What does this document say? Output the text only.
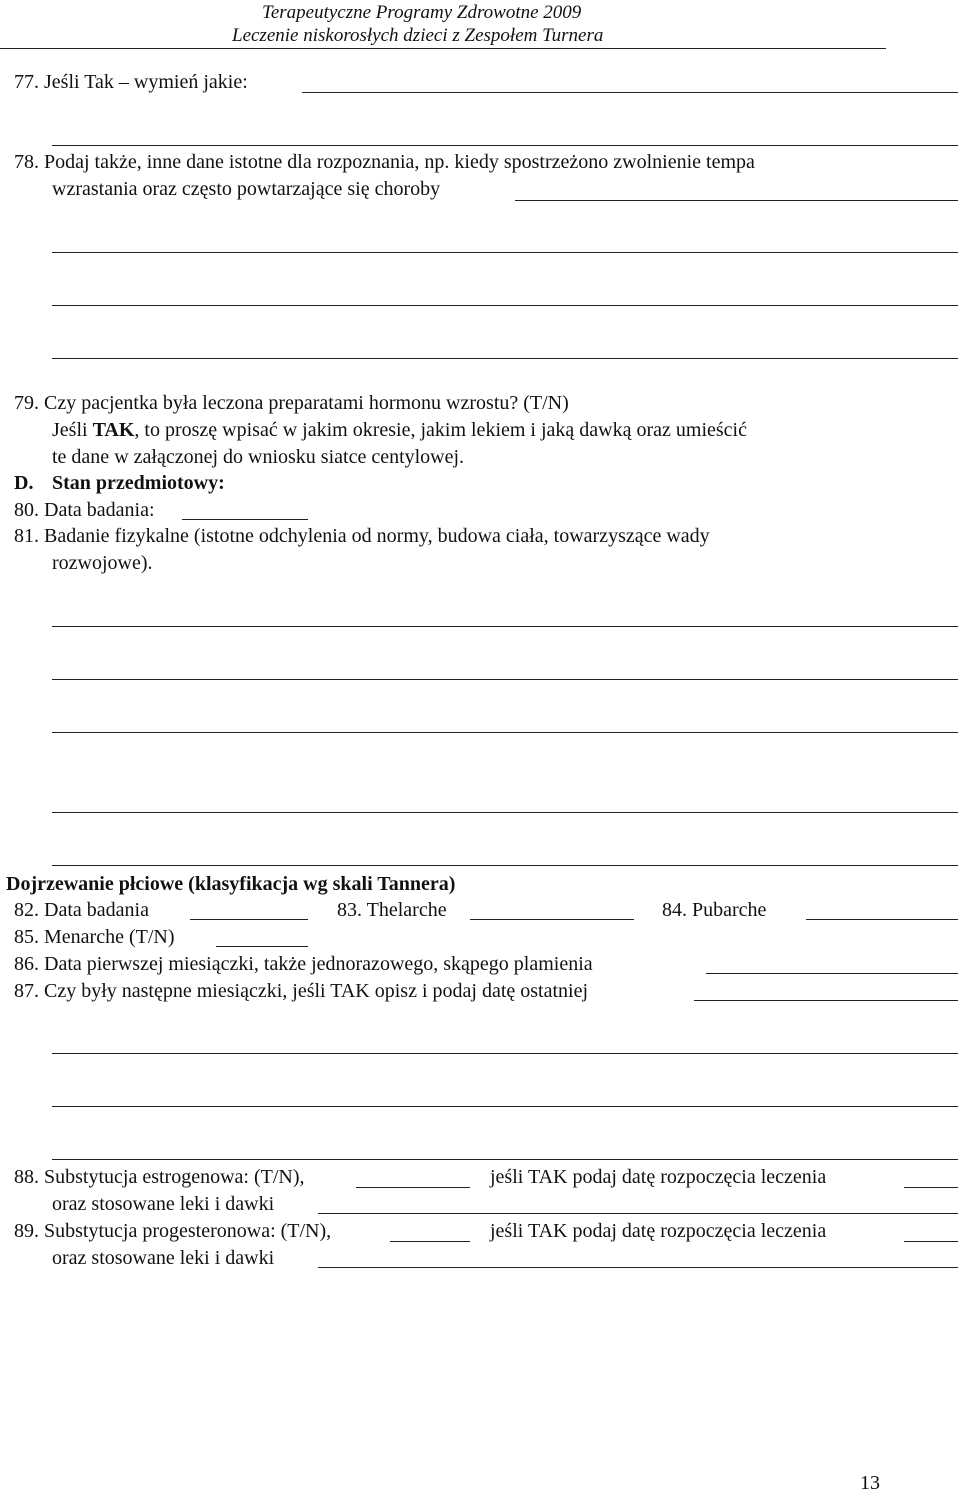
Terapeutyczne Programy Zdrowotne 2009
Leczenie niskorosłych dzieci z Zespołem Turnera
77. Jeśli Tak – wymień jakie:
78. Podaj także, inne dane istotne dla rozpoznania, np. kiedy spostrzeżono zwolnienie tempa
wzrastania oraz często powtarzające się choroby
79. Czy pacjentka była leczona preparatami hormonu wzrostu? (T/N)
Jeśli TAK, to proszę wpisać w jakim okresie, jakim lekiem i jaką dawką oraz umieścić
te dane w załączonej do wniosku siatce centylowej.
D. Stan przedmiotowy:
80. Data badania:
81. Badanie fizykalne (istotne odchylenia od normy, budowa ciała, towarzyszące wady
rozwojowe).
Dojrzewanie płciowe (klasyfikacja wg skali Tannera)
82. Data badania	83. Thelarche	84. Pubarche
85. Menarche (T/N)
86. Data pierwszej miesiączki, także jednorazowego, skąpego plamienia
87. Czy były następne miesiączki, jeśli TAK opisz i podaj datę ostatniej
88. Substytucja estrogenowa: (T/N),	jeśli TAK podaj datę rozpoczęcia leczenia
oraz stosowane leki i dawki
89. Substytucja progesteronowa: (T/N),	jeśli TAK podaj datę rozpoczęcia leczenia
oraz stosowane leki i dawki
13
